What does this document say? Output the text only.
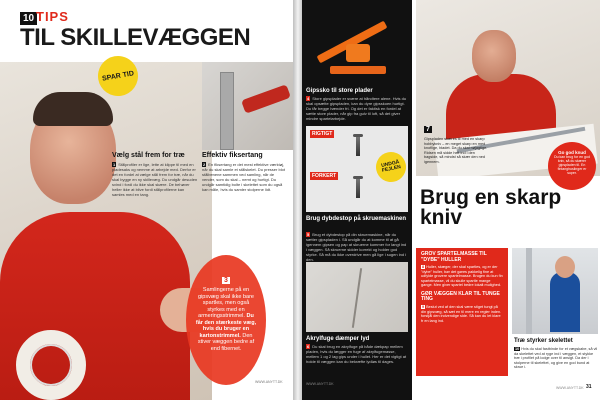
10 TIPS
TIL SKILLEVÆGGEN
SPAR TID
Vælg stål frem for træ
1 Stålprofiler er lige, lette at klippe til med en pladesaks og nemme at arbejde med. Derfor er det en fordel at vælge stål frem for træ, når du skal bygge en ny skillevæg. Du undgår desuden svind i fordi du ikke skal skære. De behøver heller ikke at blive fordi stålprofilerne kan samles med en tang.
Effektiv fiksertang
2 En fiksertang er det mest effektive værktøj, når du skal samle et stålskelet. Du presser blot stålbenene sammen ved samling, når de vender, som du skal – nemt og hurtigt. Du undgår samtidig bolte i skelettet som du også kan måle, hvis du samler stolperne lidt.
3
Samlingerne på en gipsvæg skal ikke bare spartles, men også styrkes med en armeringsstrimmel. Du får den stærkeste væg, hvis du bruger en kartonstrimmel. Den stiver væggen bedre af end fibernet.
WWW.ANYTT.DK
Gipssko til store plader
4 Store gipsplader er svære at håndtere alene. Hvis du skal opsætte gipspladen, kan du dyre gipsskoen hurtigt. Du får begge hænder fri. Og det er faktisk en fordel at sætte store plader, når gip fra gulv til loft, så det giver mindre spartelarbejde.
RIGTIGT
FORKERT
UNDGÅ FEJLEN
Brug dybdestop på skruemaskinen
5 Brug et dybdestop på din skruemaskine, når du sætter gipspladen i. Så undgår du at komme til at gå igennem gipsen og pap at skruerne kommer for langt ind i væggen. Så skruerne sidder korrekt og holder god styrke. Så må du ikke overdrive men gå lige i sugen ind i den.
Akrylfuge dæmper lyd
6 Du skal brug en akrylfuge på både dækpap mellem pladen, hvis du lægger en fuge af akrylfugemasse, mellem 1 og 2 lag gips under i hullet. Her er det vigtigt at holde til væggen kan du bekræfte lydløs til dages.
WWW.ANYTT.DK
7
Gipspladen skæres til med en skarp hobbykniv – en meget skarp en med knoflige, bladet. Da du skal nøjagtige. Ridsen må sidde helt ind i den bagside, så mindst så skær den ned igennem.
Go god knud
Du kan brug for en god kniv, så du skærer gipspladen til. En fintanghuslinger er super.
Brug en skarp kniv
GROV SPARTELMASSE TIL "DYBE" HULLER
8 Huller, skæger, der skal spartles, og er der "dybe" huller, bør det gøres pakkelig fine at udfylde grovere spartelmasse. Brugen du kun fin spartelmasse, vil du skulle spartle mange gange. Men giver spartel bedre lokalt mulighed.
GØR VÆGGEN KLAR TIL TUNGE TING
9 Beslut ved af den skal være stiget tungt på din gipsvæg, så sæt en til mere en regler inden. forstjål den indvendige side. Så kan du let klare fr en lang ind.
Træ styrker skelettet
10 Hvis du skal fastbinde for et vægskabe, så vil da skelettet ved at ryge ind i væggen, et stykke træ i profilet på lodge over til ansigt. Da der i stolperne til skelettet, og give en god bund at skrue i.
WWW.ANYTT.DK 31
